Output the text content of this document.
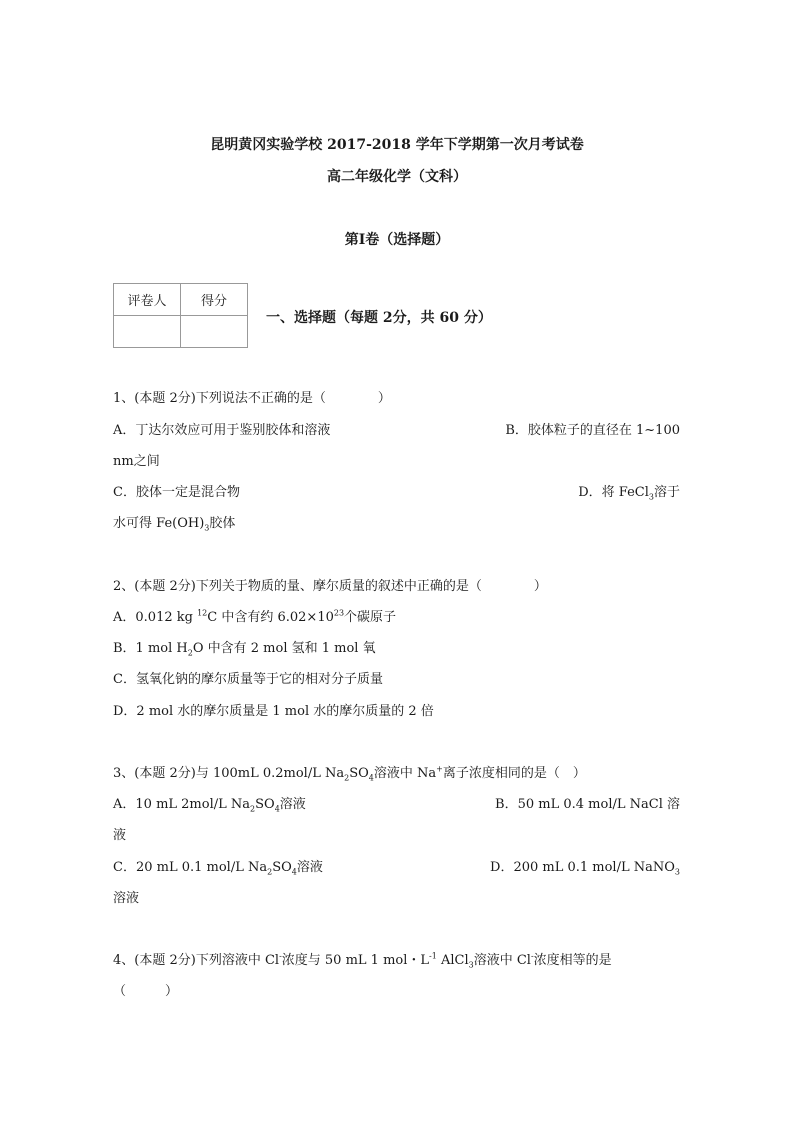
昆明黄冈实验学校 2017-2018 学年下学期第一次月考试卷
高二年级化学（文科）
第Ⅰ卷（选择题）
评卷人	得分

一、选择题（每题 2分，共 60 分）
1、(本题 2分)下列说法不正确的是（　　　　）
A．丁达尔效应可用于鉴别胶体和溶液	B．胶体粒子的直径在 1~100
nm之间
C．胶体一定是混合物	D．将 FeCl$_3$溶于
水可得 $Fe(OH)_3$胶体
2、(本题 2分)下列关于物质的量、摩尔质量的叙述中正确的是（　　　　）
A．0.012 kg $^{12}$C 中含有约 $6.02\times 10^{23}$个碳原子
B．1 mol $H_2O$ 中含有 2 mol 氢和 1 mol 氧
C．氢氧化钠的摩尔质量等于它的相对分子质量
D．2 mol 水的摩尔质量是 1 mol 水的摩尔质量的 2 倍
3、(本题 2分)与 100mL 0.2mol/L $Na_2SO_4$溶液中 Na+离子浓度相同的是（　）
A．10 mL 2mol/L $Na_2SO_4$溶液	B．50 mL 0.4 mol/L NaCl 溶
液
C．20 mL 0.1 mol/L $Na_2SO_4$溶液	D．200 mL 0.1 mol/L NaNO$_3$
溶液
4、(本题 2分)下列溶液中 Cl-浓度与 50 mL 1 mol・$L^{-1}$ AlCl$_3$溶液中 Cl-浓度相等的是
（　　　）
